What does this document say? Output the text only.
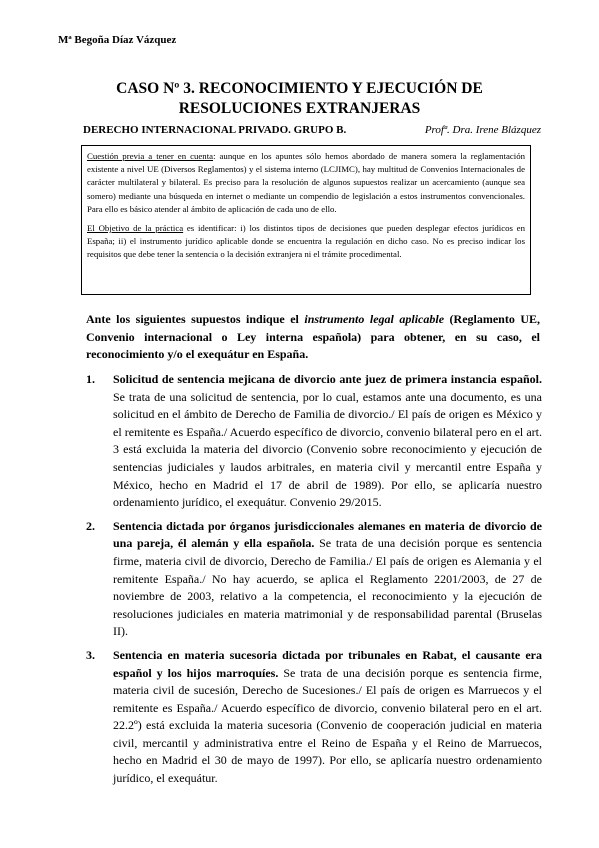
Mª Begoña Díaz Vázquez
CASO Nº 3. RECONOCIMIENTO Y EJECUCIÓN DE
RESOLUCIONES EXTRANJERAS
DERECHO INTERNACIONAL PRIVADO. GRUPO B.	Profª. Dra. Irene Blázquez

Cuestión previa a tener en cuenta: aunque en los apuntes sólo hemos abordado de manera somera la reglamentación existente a nivel UE (Diversos Reglamentos) y el sistema interno (LCJIMC), hay multitud de Convenios Internacionales de carácter multilateral y bilateral. Es preciso para la resolución de algunos supuestos realizar un acercamiento (aunque sea somero) mediante una búsqueda en internet o mediante un compendio de legislación a estos instrumentos convencionales. Para ello es básico atender al ámbito de aplicación de cada uno de ello.

El Objetivo de la práctica es identificar: i) los distintos tipos de decisiones que pueden desplegar efectos jurídicos en España; ii) el instrumento jurídico aplicable donde se encuentra la regulación en dicho caso. No es preciso indicar los requisitos que debe tener la sentencia o la decisión extranjera ni el trámite procedimental.

Ante los siguientes supuestos indique el instrumento legal aplicable (Reglamento UE, Convenio internacional o Ley interna española) para obtener, en su caso, el reconocimiento y/o el exequátur en España.
1. Solicitud de sentencia mejicana de divorcio ante juez de primera instancia español. Se trata de una solicitud de sentencia, por lo cual, estamos ante una documento, es una solicitud en el ámbito de Derecho de Familia de divorcio./ El país de origen es México y el remitente es España./ Acuerdo específico de divorcio, convenio bilateral pero en el art. 3 está excluida la materia del divorcio (Convenio sobre reconocimiento y ejecución de sentencias judiciales y laudos arbitrales, en materia civil y mercantil entre España y México, hecho en Madrid el 17 de abril de 1989). Por ello, se aplicaría nuestro ordenamiento jurídico, el exequátur. Convenio 29/2015.
2. Sentencia dictada por órganos jurisdiccionales alemanes en materia de divorcio de una pareja, él alemán y ella española. Se trata de una decisión porque es sentencia firme, materia civil de divorcio, Derecho de Familia./ El país de origen es Alemania y el remitente España./ No hay acuerdo, se aplica el Reglamento 2201/2003, de 27 de noviembre de 2003, relativo a la competencia, el reconocimiento y la ejecución de resoluciones judiciales en materia matrimonial y de responsabilidad parental (Bruselas II).
3. Sentencia en materia sucesoria dictada por tribunales en Rabat, el causante era español y los hijos marroquíes. Se trata de una decisión porque es sentencia firme, materia civil de sucesión, Derecho de Sucesiones./ El país de origen es Marruecos y el remitente es España./ Acuerdo específico de divorcio, convenio bilateral pero en el art. 22.2º) está excluida la materia sucesoria (Convenio de cooperación judicial en materia civil, mercantil y administrativa entre el Reino de España y el Reino de Marruecos, hecho en Madrid el 30 de mayo de 1997). Por ello, se aplicaría nuestro ordenamiento jurídico, el exequátur.
